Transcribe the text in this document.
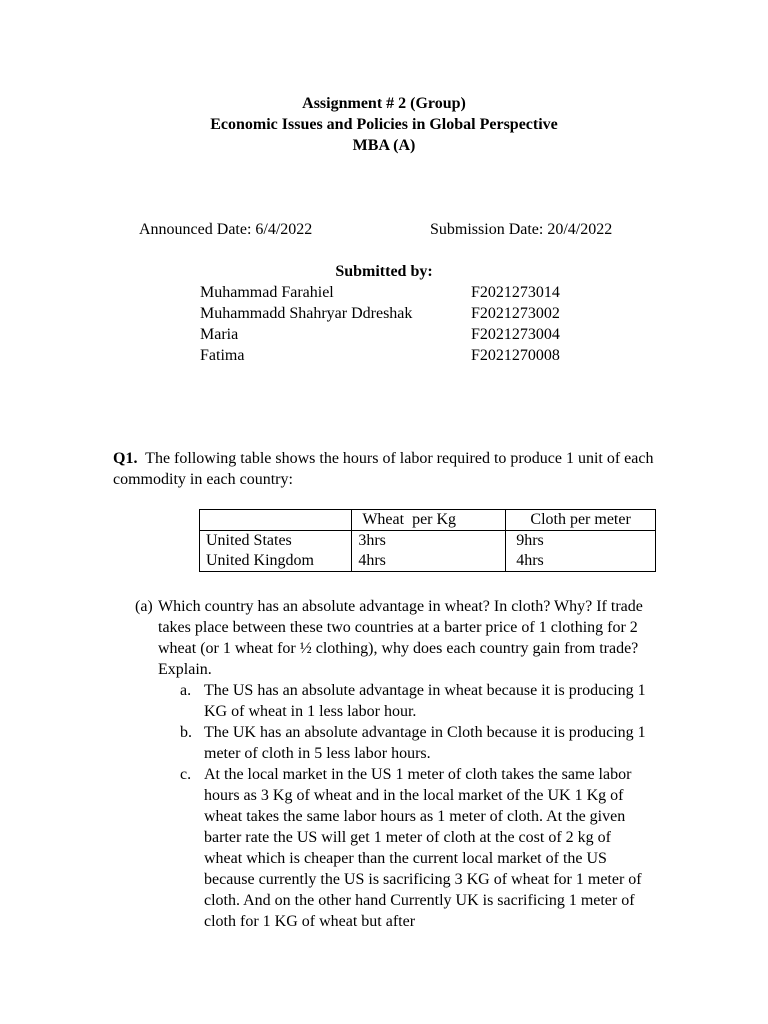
Assignment # 2 (Group)
Economic Issues and Policies in Global Perspective
MBA (A)
Announced Date: 6/4/2022	Submission Date: 20/4/2022
Submitted by:
Muhammad Farahiel	F2021273014
Muhammadd Shahryar Ddreshak	F2021273002
Maria	F2021273004
Fatima	F2021270008
Q1. The following table shows the hours of labor required to produce 1 unit of each commodity in each country:
	Wheat  per Kg	Cloth per meter
United States	3hrs	9hrs
United Kingdom	4hrs	4hrs
(a) Which country has an absolute advantage in wheat? In cloth? Why? If trade takes place between these two countries at a barter price of 1 clothing for 2 wheat (or 1 wheat for ½ clothing), why does each country gain from trade? Explain.
a. The US has an absolute advantage in wheat because it is producing 1 KG of wheat in 1 less labor hour.
b. The UK has an absolute advantage in Cloth because it is producing 1 meter of cloth in 5 less labor hours.
c. At the local market in the US 1 meter of cloth takes the same labor hours as 3 Kg of wheat and in the local market of the UK 1 Kg of wheat takes the same labor hours as 1 meter of cloth. At the given barter rate the US will get 1 meter of cloth at the cost of 2 kg of wheat which is cheaper than the current local market of the US because currently the US is sacrificing 3 KG of wheat for 1 meter of cloth. And on the other hand Currently UK is sacrificing 1 meter of cloth for 1 KG of wheat but after
